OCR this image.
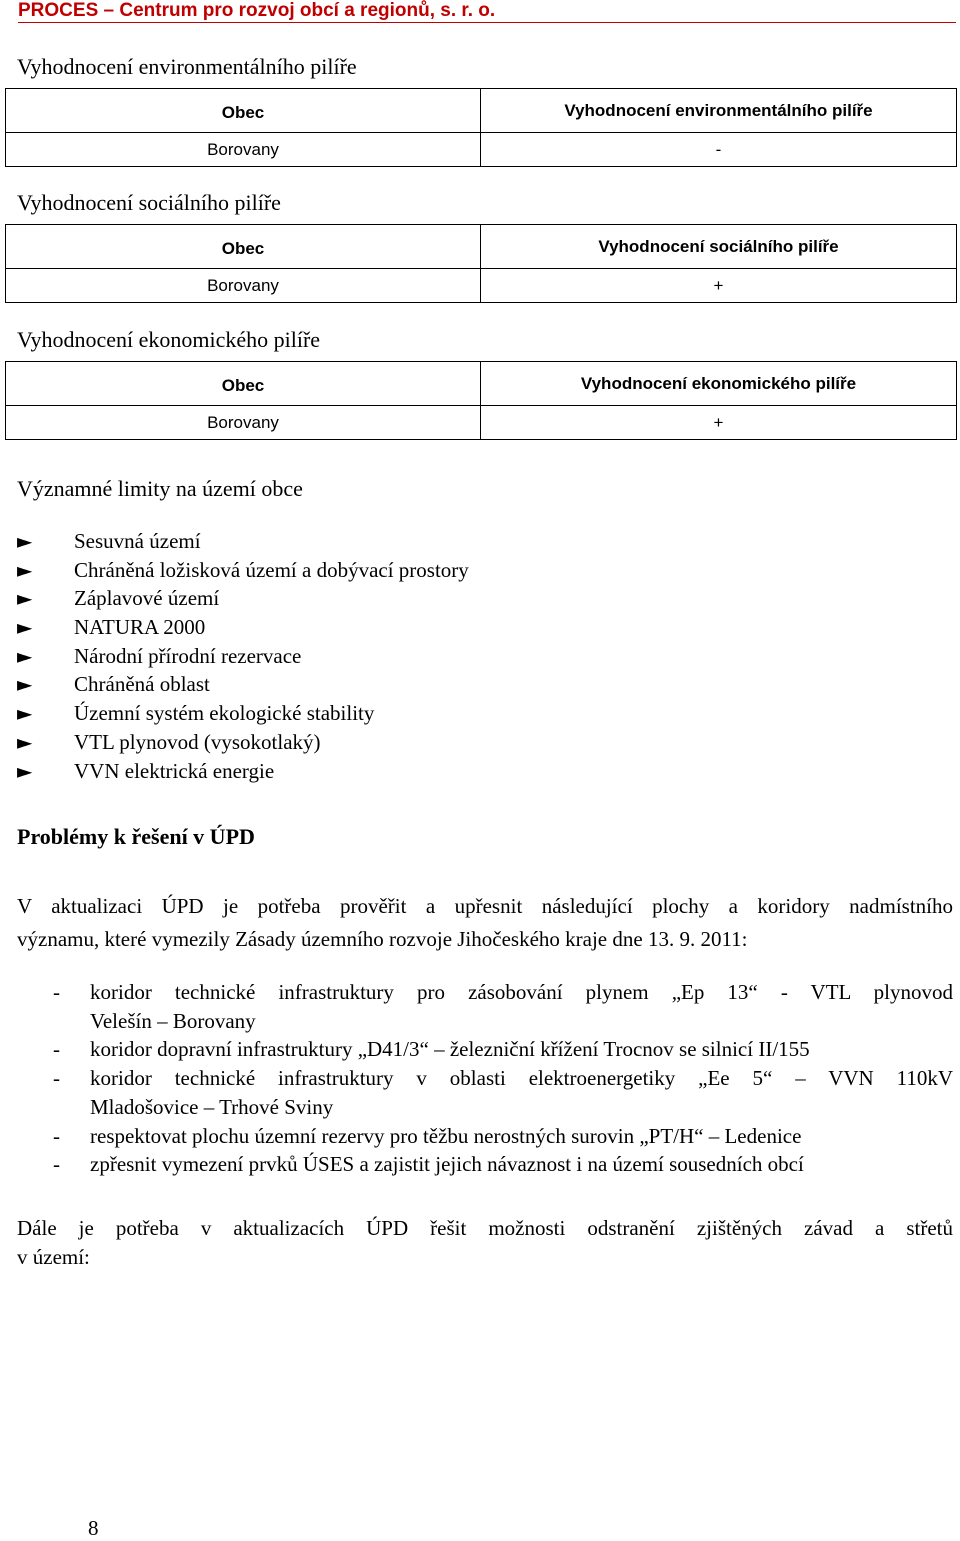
PROCES – Centrum pro rozvoj obcí a regionů, s. r. o.
Vyhodnocení environmentálního pilíře
Obec	Vyhodnocení environmentálního pilíře
Borovany	-
Vyhodnocení sociálního pilíře
Obec	Vyhodnocení sociálního pilíře
Borovany	+
Vyhodnocení ekonomického pilíře
Obec	Vyhodnocení ekonomického pilíře
Borovany	+
Významné limity na území obce
► Sesuvná území
► Chráněná ložisková území a dobývací prostory
► Záplavové území
► NATURA 2000
► Národní přírodní rezervace
► Chráněná oblast
► Územní systém ekologické stability
► VTL plynovod (vysokotlaký)
► VVN elektrická energie
Problémy k řešení v ÚPD
V aktualizaci ÚPD je potřeba prověřit a upřesnit následující plochy a koridory nadmístního
významu, které vymezily Zásady územního rozvoje Jihočeského kraje dne 13. 9. 2011:
- koridor technické infrastruktury pro zásobování plynem „Ep 13“ - VTL plynovod
Velešín – Borovany
- koridor dopravní infrastruktury „D41/3“ – železniční křížení Trocnov se silnicí II/155
- koridor technické infrastruktury v oblasti elektroenergetiky „Ee 5“ – VVN 110kV
Mladošovice – Trhové Sviny
- respektovat plochu územní rezervy pro těžbu nerostných surovin „PT/H“ – Ledenice
- zpřesnit vymezení prvků ÚSES a zajistit jejich návaznost i na území sousedních obcí
Dále je potřeba v aktualizacích ÚPD řešit možnosti odstranění zjištěných závad a střetů
v území:
8
